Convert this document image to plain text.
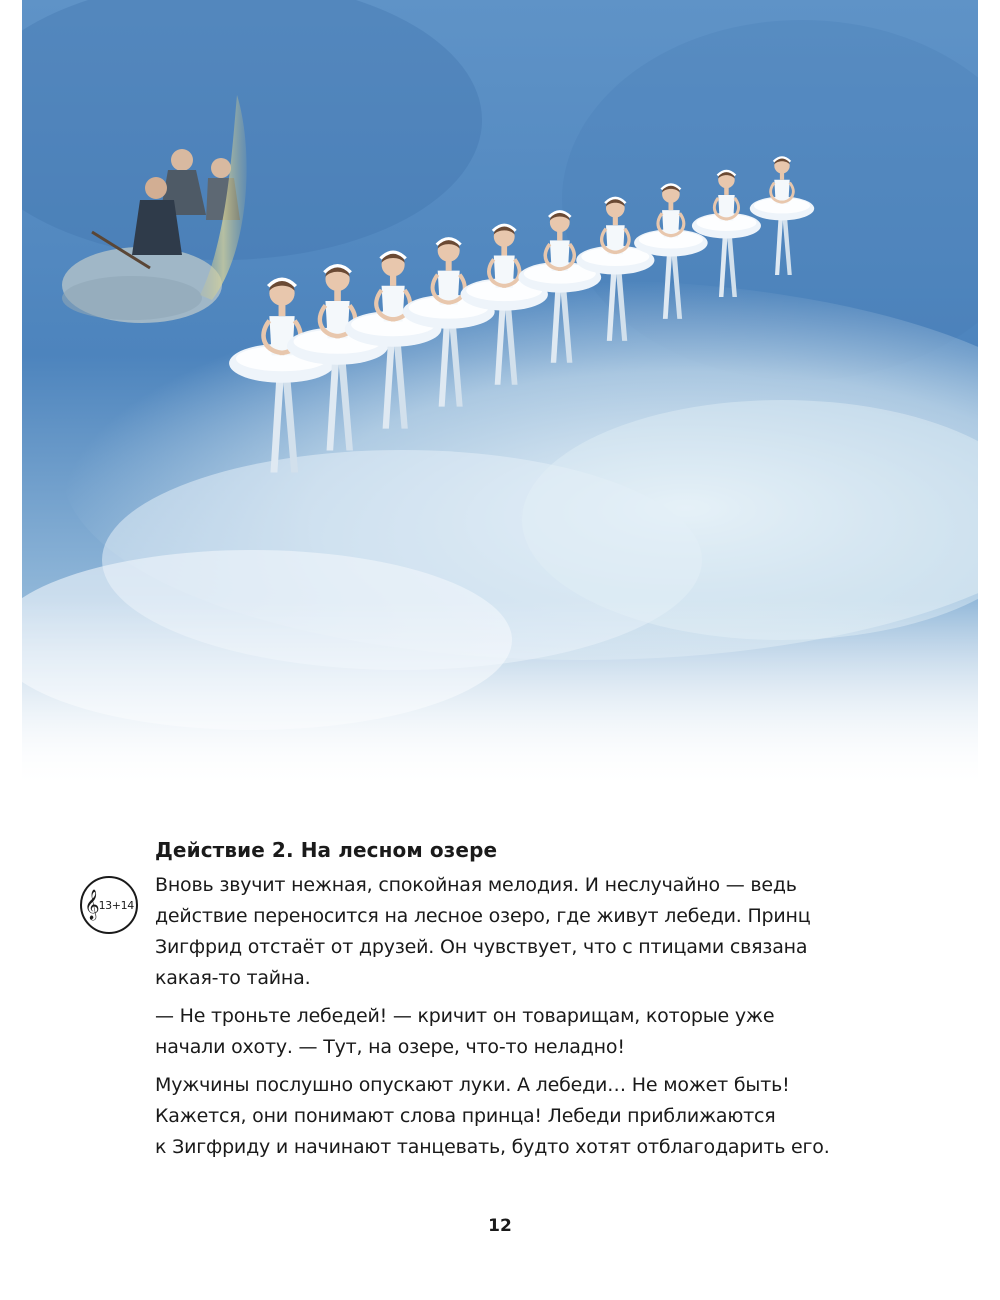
𝄞 13+14

Действие 2. На лесном озере

Вновь звучит нежная, спокойная мелодия. И неслучайно — ведь
действие переносится на лесное озеро, где живут лебеди. Принц
Зигфрид отстаёт от друзей. Он чувствует, что с птицами связана
какая-то тайна.

— Не троньте лебедей! — кричит он товарищам, которые уже
начали охоту. — Тут, на озере, что-то неладно!

Мужчины послушно опускают луки. А лебеди… Не может быть!
Кажется, они понимают слова принца! Лебеди приближаются
к Зигфриду и начинают танцевать, будто хотят отблагодарить его.

12
